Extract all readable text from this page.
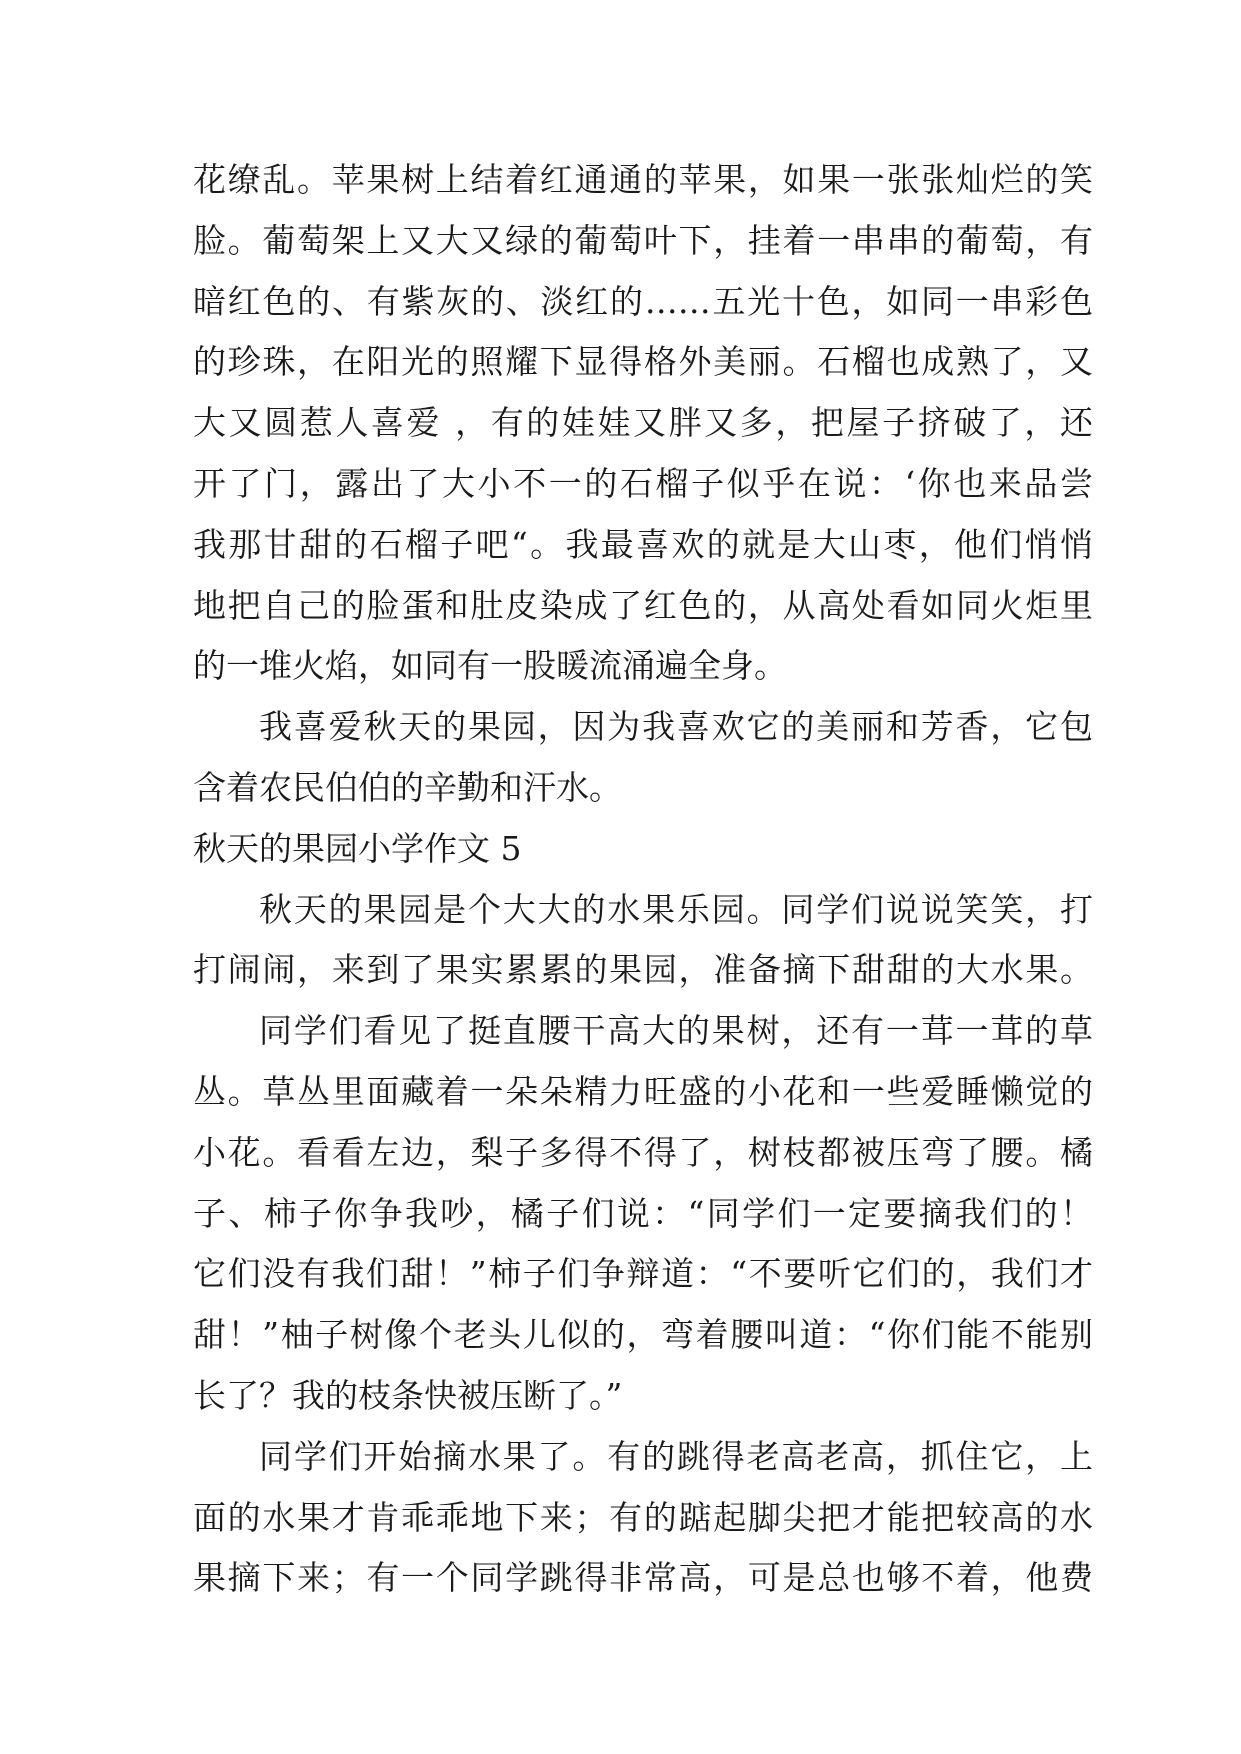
花缭乱。苹果树上结着红通通的苹果，如果一张张灿烂的笑
脸。葡萄架上又大又绿的葡萄叶下，挂着一串串的葡萄，有
暗红色的、有紫灰的、淡红的……五光十色，如同一串彩色
的珍珠，在阳光的照耀下显得格外美丽。石榴也成熟了，又
大又圆惹人喜爱 ，有的娃娃又胖又多，把屋子挤破了，还
开了门，露出了大小不一的石榴子似乎在说：‘你也来品尝
我那甘甜的石榴子吧“。我最喜欢的就是大山枣，他们悄悄
地把自己的脸蛋和肚皮染成了红色的，从高处看如同火炬里
的一堆火焰，如同有一股暖流涌遍全身。
我喜爱秋天的果园，因为我喜欢它的美丽和芳香，它包
含着农民伯伯的辛勤和汗水。
秋天的果园小学作文 5
秋天的果园是个大大的水果乐园。同学们说说笑笑，打
打闹闹，来到了果实累累的果园，准备摘下甜甜的大水果。
同学们看见了挺直腰干高大的果树，还有一茸一茸的草
丛。草丛里面藏着一朵朵精力旺盛的小花和一些爱睡懒觉的
小花。看看左边，梨子多得不得了，树枝都被压弯了腰。橘
子、柿子你争我吵，橘子们说：“同学们一定要摘我们的！
它们没有我们甜！”柿子们争辩道：“不要听它们的，我们才
甜！”柚子树像个老头儿似的，弯着腰叫道：“你们能不能别
长了？我的枝条快被压断了。”
同学们开始摘水果了。有的跳得老高老高，抓住它，上
面的水果才肯乖乖地下来；有的踮起脚尖把才能把较高的水
果摘下来；有一个同学跳得非常高，可是总也够不着，他费
